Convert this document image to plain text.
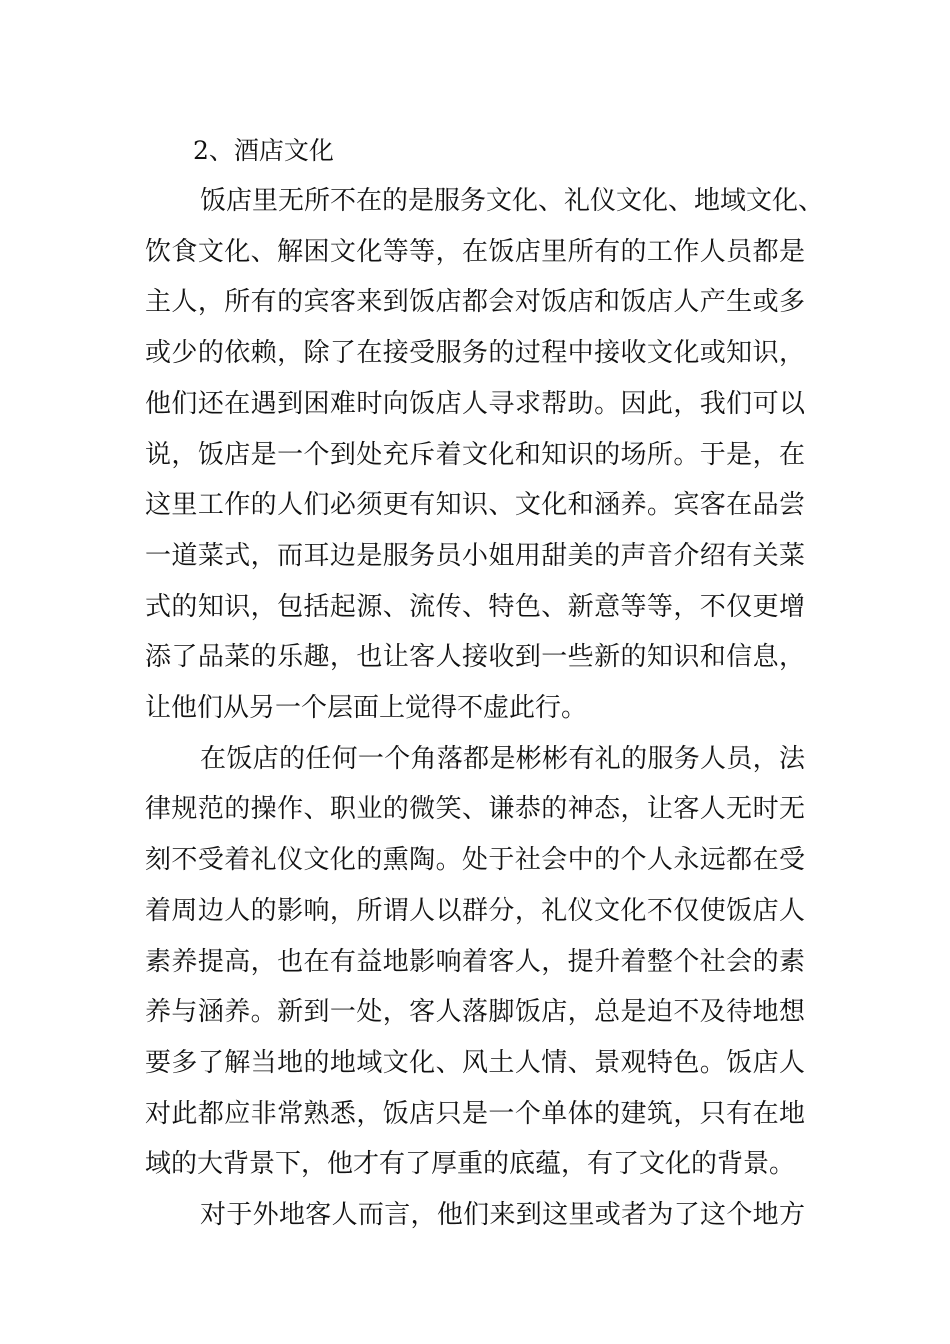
2、酒店文化
饭店里无所不在的是服务文化、礼仪文化、地域文化、
饮食文化、解困文化等等，在饭店里所有的工作人员都是
主人，所有的宾客来到饭店都会对饭店和饭店人产生或多
或少的依赖，除了在接受服务的过程中接收文化或知识，
他们还在遇到困难时向饭店人寻求帮助。因此，我们可以
说，饭店是一个到处充斥着文化和知识的场所。于是，在
这里工作的人们必须更有知识、文化和涵养。宾客在品尝
一道菜式，而耳边是服务员小姐用甜美的声音介绍有关菜
式的知识，包括起源、流传、特色、新意等等，不仅更增
添了品菜的乐趣，也让客人接收到一些新的知识和信息，
让他们从另一个层面上觉得不虚此行。
在饭店的任何一个角落都是彬彬有礼的服务人员，法
律规范的操作、职业的微笑、谦恭的神态，让客人无时无
刻不受着礼仪文化的熏陶。处于社会中的个人永远都在受
着周边人的影响，所谓人以群分，礼仪文化不仅使饭店人
素养提高，也在有益地影响着客人，提升着整个社会的素
养与涵养。新到一处，客人落脚饭店，总是迫不及待地想
要多了解当地的地域文化、风土人情、景观特色。饭店人
对此都应非常熟悉，饭店只是一个单体的建筑，只有在地
域的大背景下，他才有了厚重的底蕴，有了文化的背景。
对于外地客人而言，他们来到这里或者为了这个地方
